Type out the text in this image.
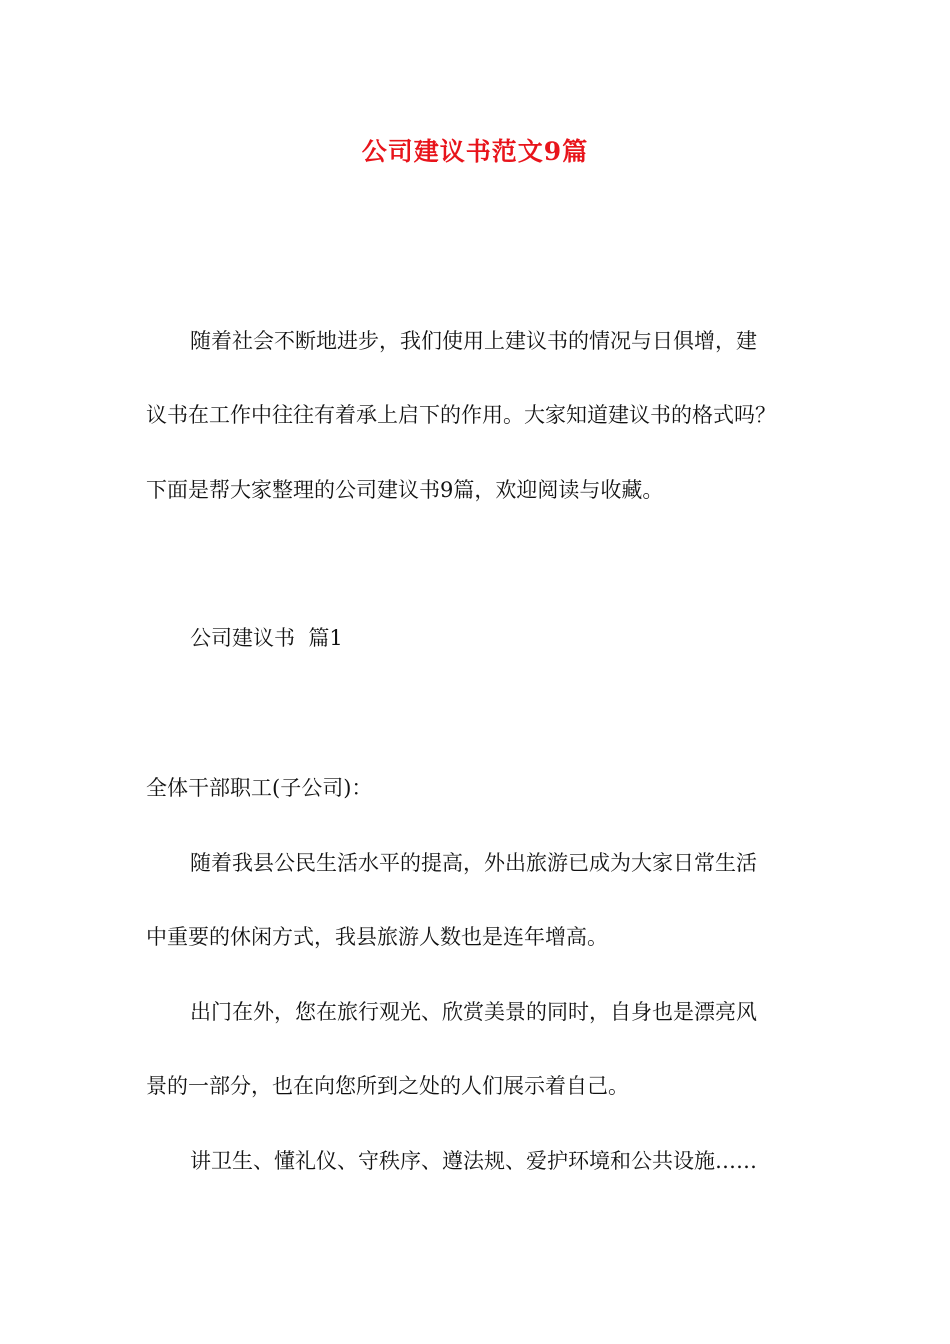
公司建议书范文9篇
随着社会不断地进步，我们使用上建议书的情况与日俱增，建
议书在工作中往往有着承上启下的作用。大家知道建议书的格式吗？
下面是帮大家整理的公司建议书9篇，欢迎阅读与收藏。
公司建议书  篇1
全体干部职工(子公司)：
随着我县公民生活水平的提高，外出旅游已成为大家日常生活
中重要的休闲方式，我县旅游人数也是连年增高。
出门在外，您在旅行观光、欣赏美景的同时，自身也是漂亮风
景的一部分，也在向您所到之处的人们展示着自己。
讲卫生、懂礼仪、守秩序、遵法规、爱护环境和公共设施……
